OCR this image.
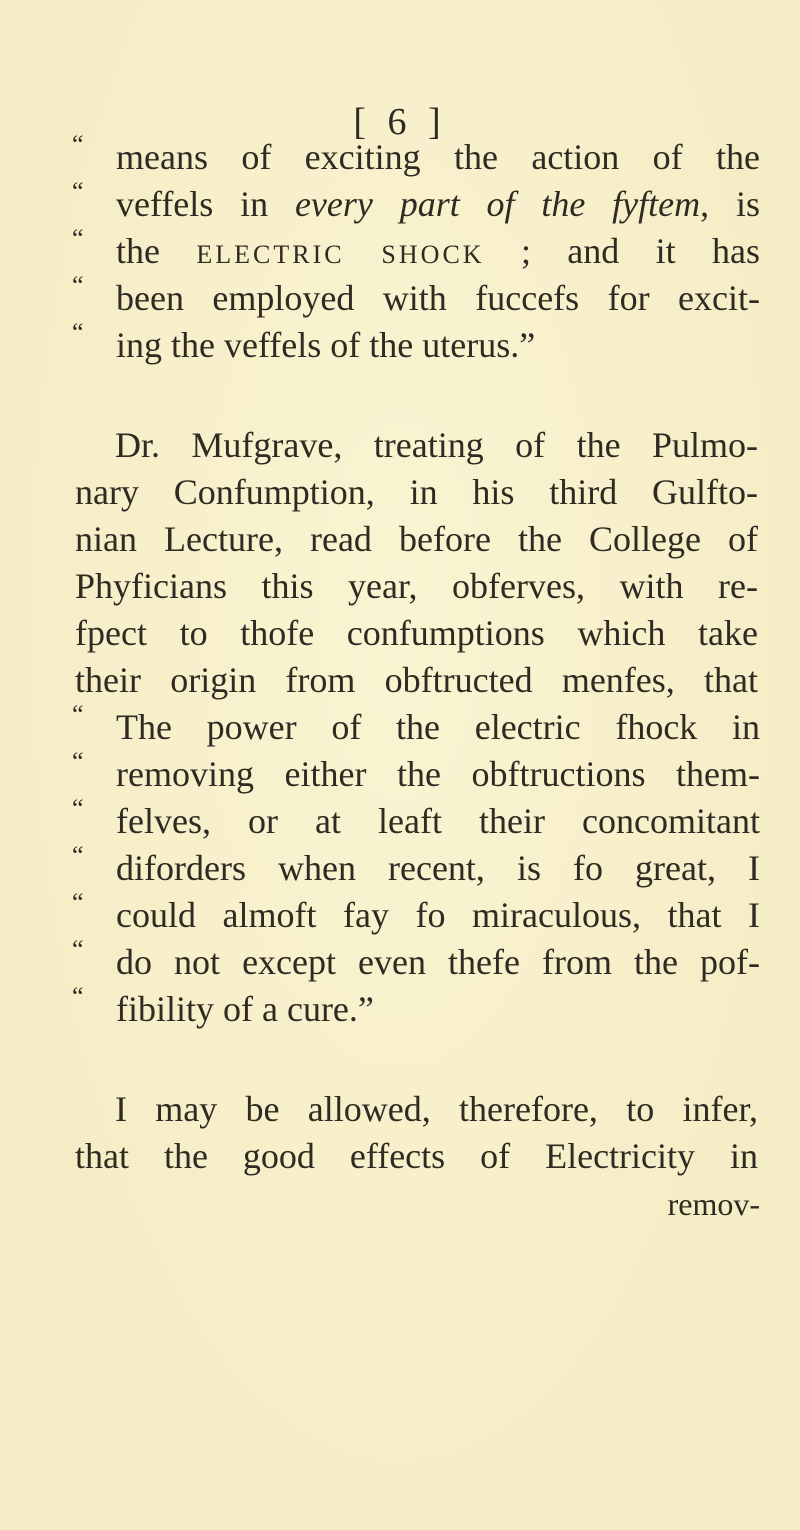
[ 6 ]
“ means of exciting the action of the
“ veffels in every part of the fyftem, is
“ the ELECTRIC SHOCK ; and it has
“ been employed with fuccefs for excit-
“ ing the veffels of the uterus.”
Dr. Mufgrave, treating of the Pulmo-
nary Confumption, in his third Gulfto-
nian Lecture, read before the College of
Phyficians this year, obferves, with re-
fpect to thofe confumptions which take
their origin from obftructed menfes, that
“ The power of the electric fhock in
“ removing either the obftructions them-
“ felves, or at leaft their concomitant
“ diforders when recent, is fo great, I
“ could almoft fay fo miraculous, that I
“ do not except even thefe from the pof-
“ fibility of a cure.”
I may be allowed, therefore, to infer,
that the good effects of Electricity in
remov-
